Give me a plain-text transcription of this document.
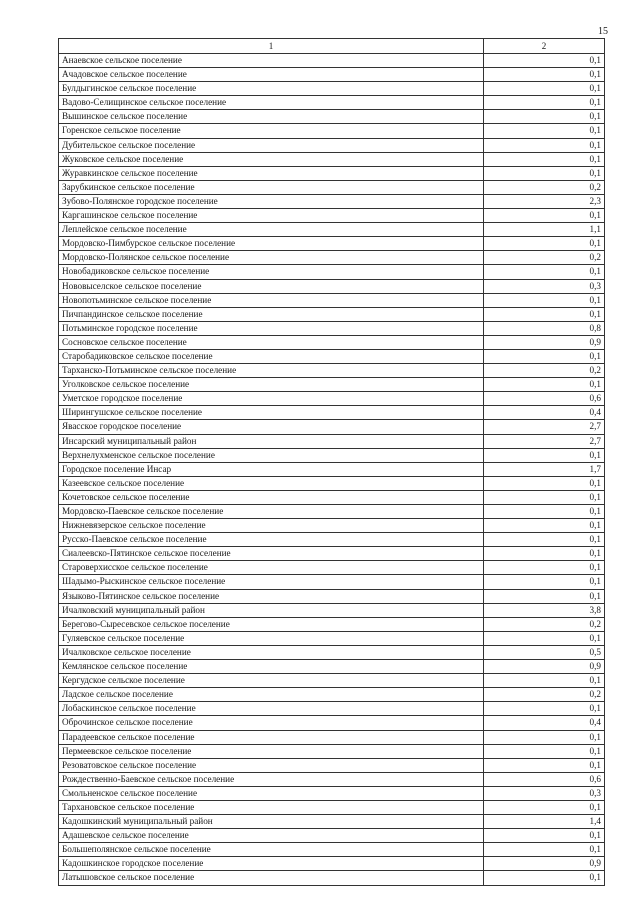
15
1	2
Анаевское сельское поселение	0,1
Ачадовское сельское поселение	0,1
Булдыгинское сельское поселение	0,1
Вадово-Селищинское сельское поселение	0,1
Вышинское сельское поселение	0,1
Горенское сельское поселение	0,1
Дубительское сельское поселение	0,1
Жуковское сельское поселение	0,1
Журавкинское сельское поселение	0,1
Зарубкинское сельское поселение	0,2
Зубово-Полянское городское поселение	2,3
Каргашинское сельское поселение	0,1
Леплейское сельское поселение	1,1
Мордовско-Пимбурское сельское поселение	0,1
Мордовско-Полянское сельское поселение	0,2
Новобадиковское сельское поселение	0,1
Нововыселское сельское поселение	0,3
Новопотьминское сельское поселение	0,1
Пичпандинское сельское поселение	0,1
Потьминское городское поселение	0,8
Сосновское сельское поселение	0,9
Старобадиковское сельское поселение	0,1
Тарханско-Потьминское сельское поселение	0,2
Уголковское сельское поселение	0,1
Уметское городское поселение	0,6
Ширингушское сельское поселение	0,4
Явасское городское поселение	2,7
Инсарский муниципальный район	2,7
Верхнелухменское сельское поселение	0,1
Городское поселение Инсар	1,7
Казеевское сельское поселение	0,1
Кочетовское сельское поселение	0,1
Мордовско-Паевское сельское поселение	0,1
Нижневязерское сельское поселение	0,1
Русско-Паевское сельское поселение	0,1
Сиалеевско-Пятинское сельское поселение	0,1
Староверхисское сельское поселение	0,1
Шадымо-Рыскинское сельское поселение	0,1
Языково-Пятинское сельское поселение	0,1
Ичалковский муниципальный район	3,8
Берегово-Сыресевское сельское поселение	0,2
Гуляевское сельское поселение	0,1
Ичалковское сельское поселение	0,5
Кемлянское сельское поселение	0,9
Кергудское сельское поселение	0,1
Ладское сельское поселение	0,2
Лобаскинское сельское поселение	0,1
Оброчинское сельское поселение	0,4
Парадеевское сельское поселение	0,1
Пермеевское сельское поселение	0,1
Резоватовское сельское поселение	0,1
Рождественно-Баевское сельское поселение	0,6
Смольненское сельское поселение	0,3
Тархановское сельское поселение	0,1
Кадошкинский муниципальный район	1,4
Адашевское сельское поселение	0,1
Большеполянское сельское поселение	0,1
Кадошкинское городское поселение	0,9
Латышовское сельское поселение	0,1
